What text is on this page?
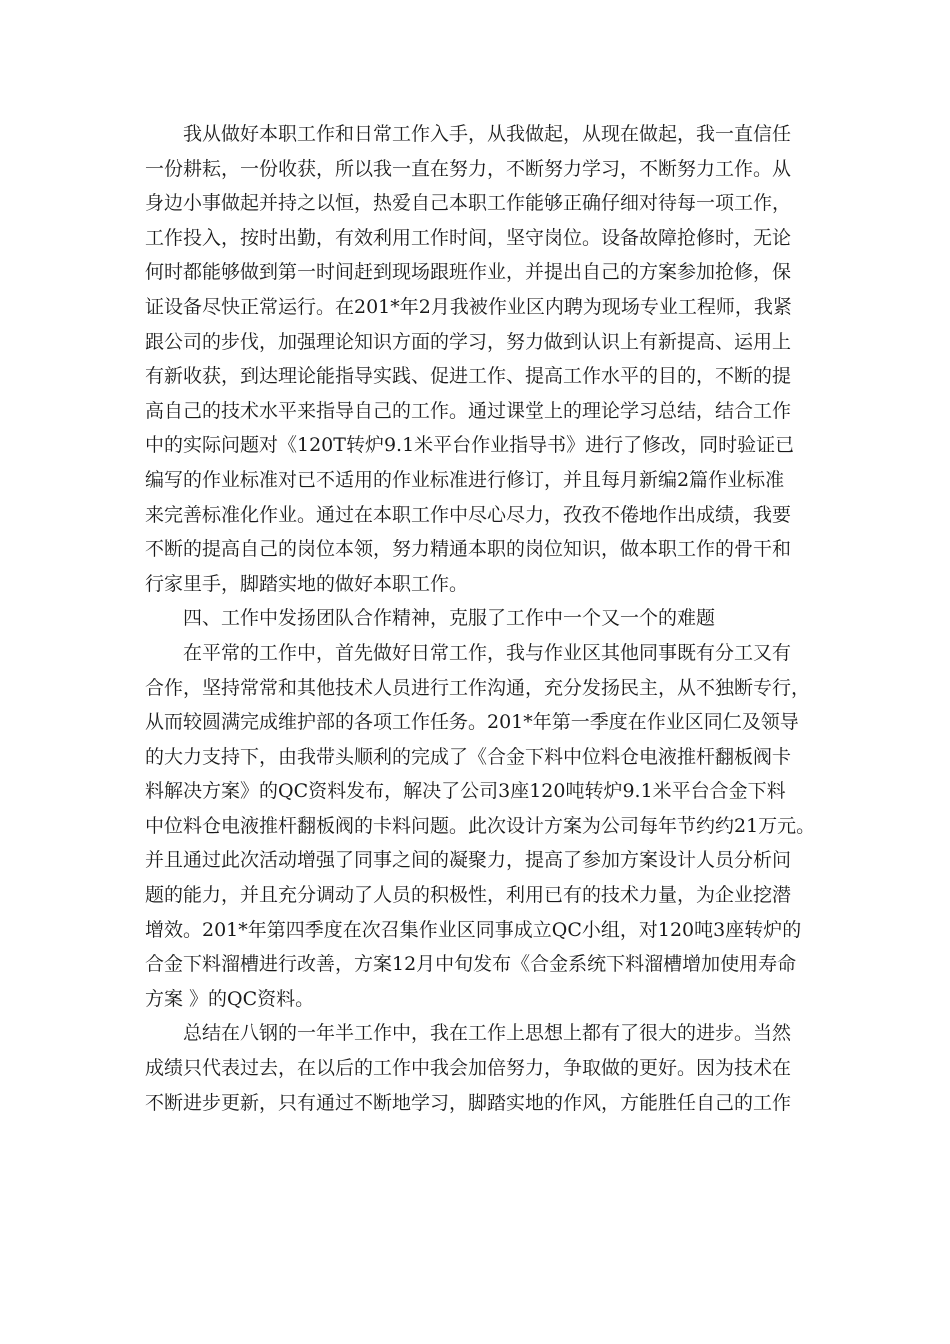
我从做好本职工作和日常工作入手，从我做起，从现在做起，我一直信任
一份耕耘，一份收获，所以我一直在努力，不断努力学习，不断努力工作。从
身边小事做起并持之以恒，热爱自己本职工作能够正确仔细对待每一项工作，
工作投入，按时出勤，有效利用工作时间，坚守岗位。设备故障抢修时，无论
何时都能够做到第一时间赶到现场跟班作业，并提出自己的方案参加抢修，保
证设备尽快正常运行。在201*年2月我被作业区内聘为现场专业工程师，我紧
跟公司的步伐，加强理论知识方面的学习，努力做到认识上有新提高、运用上
有新收获，到达理论能指导实践、促进工作、提高工作水平的目的，不断的提
高自己的技术水平来指导自己的工作。通过课堂上的理论学习总结，结合工作
中的实际问题对《120T转炉9.1米平台作业指导书》进行了修改，同时验证已
编写的作业标准对已不适用的作业标准进行修订，并且每月新编2篇作业标准
来完善标准化作业。通过在本职工作中尽心尽力，孜孜不倦地作出成绩，我要
不断的提高自己的岗位本领，努力精通本职的岗位知识，做本职工作的骨干和
行家里手，脚踏实地的做好本职工作。

四、工作中发扬团队合作精神，克服了工作中一个又一个的难题

在平常的工作中，首先做好日常工作，我与作业区其他同事既有分工又有
合作，坚持常常和其他技术人员进行工作沟通，充分发扬民主，从不独断专行，
从而较圆满完成维护部的各项工作任务。201*年第一季度在作业区同仁及领导
的大力支持下，由我带头顺利的完成了《合金下料中位料仓电液推杆翻板阀卡
料解决方案》的QC资料发布，解决了公司3座120吨转炉9.1米平台合金下料
中位料仓电液推杆翻板阀的卡料问题。此次设计方案为公司每年节约约21万元。
并且通过此次活动增强了同事之间的凝聚力，提高了参加方案设计人员分析问
题的能力，并且充分调动了人员的积极性，利用已有的技术力量，为企业挖潜
增效。201*年第四季度在次召集作业区同事成立QC小组，对120吨3座转炉的
合金下料溜槽进行改善，方案12月中旬发布《合金系统下料溜槽增加使用寿命
方案 》的QC资料。

总结在八钢的一年半工作中，我在工作上思想上都有了很大的进步。当然
成绩只代表过去，在以后的工作中我会加倍努力，争取做的更好。因为技术在
不断进步更新，只有通过不断地学习，脚踏实地的作风，方能胜任自己的工作
